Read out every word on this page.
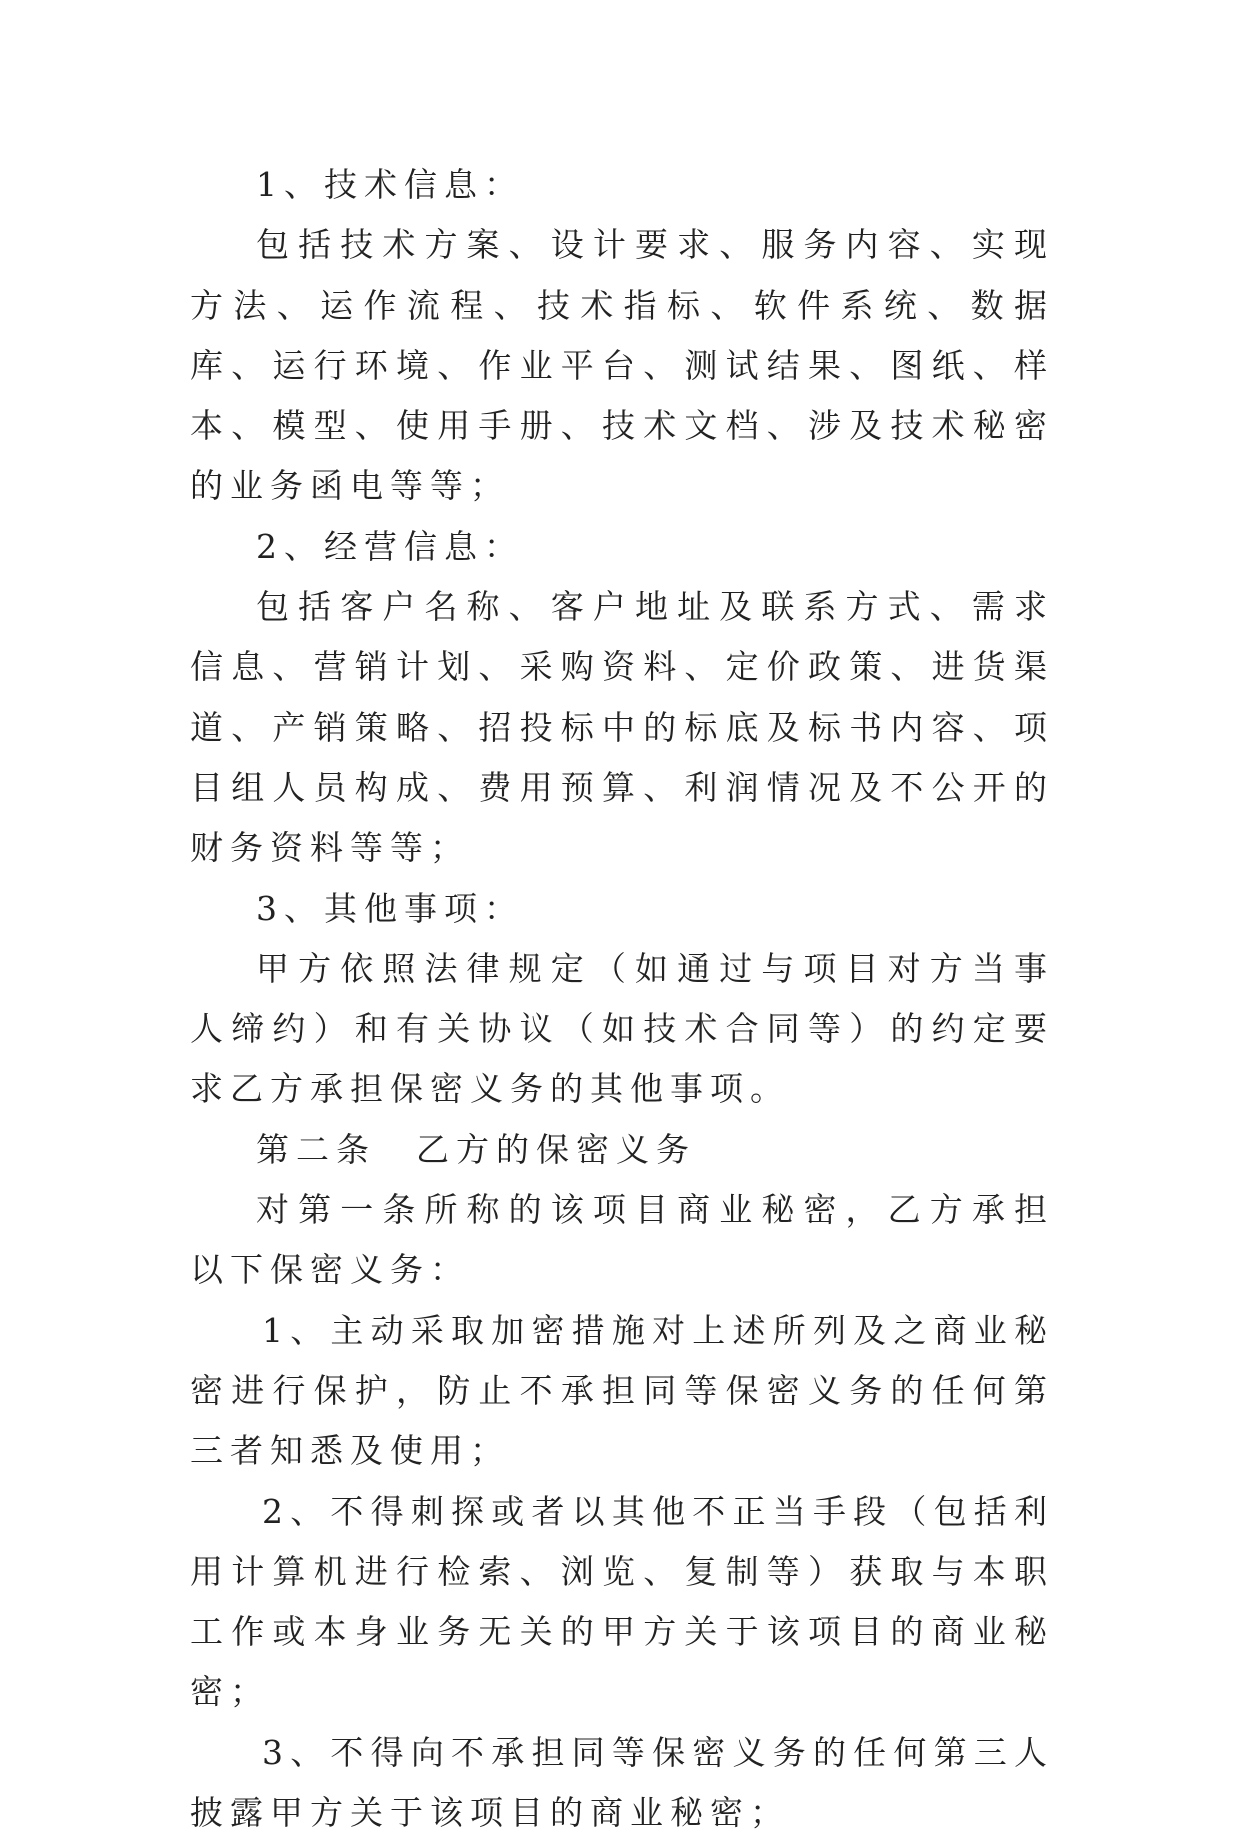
1、技术信息：

包括技术方案、设计要求、服务内容、实现方法、运作流程、技术指标、软件系统、数据库、运行环境、作业平台、测试结果、图纸、样本、模型、使用手册、技术文档、涉及技术秘密的业务函电等等；

2、经营信息：

包括客户名称、客户地址及联系方式、需求信息、营销计划、采购资料、定价政策、进货渠道、产销策略、招投标中的标底及标书内容、项目组人员构成、费用预算、利润情况及不公开的财务资料等等；

3、其他事项：

甲方依照法律规定（如通过与项目对方当事人缔约）和有关协议（如技术合同等）的约定要求乙方承担保密义务的其他事项。

第二条　乙方的保密义务

对第一条所称的该项目商业秘密，乙方承担以下保密义务：

1、主动采取加密措施对上述所列及之商业秘密进行保护，防止不承担同等保密义务的任何第三者知悉及使用；

2、不得刺探或者以其他不正当手段（包括利用计算机进行检索、浏览、复制等）获取与本职工作或本身业务无关的甲方关于该项目的商业秘密；

3、不得向不承担同等保密义务的任何第三人披露甲方关于该项目的商业秘密；
